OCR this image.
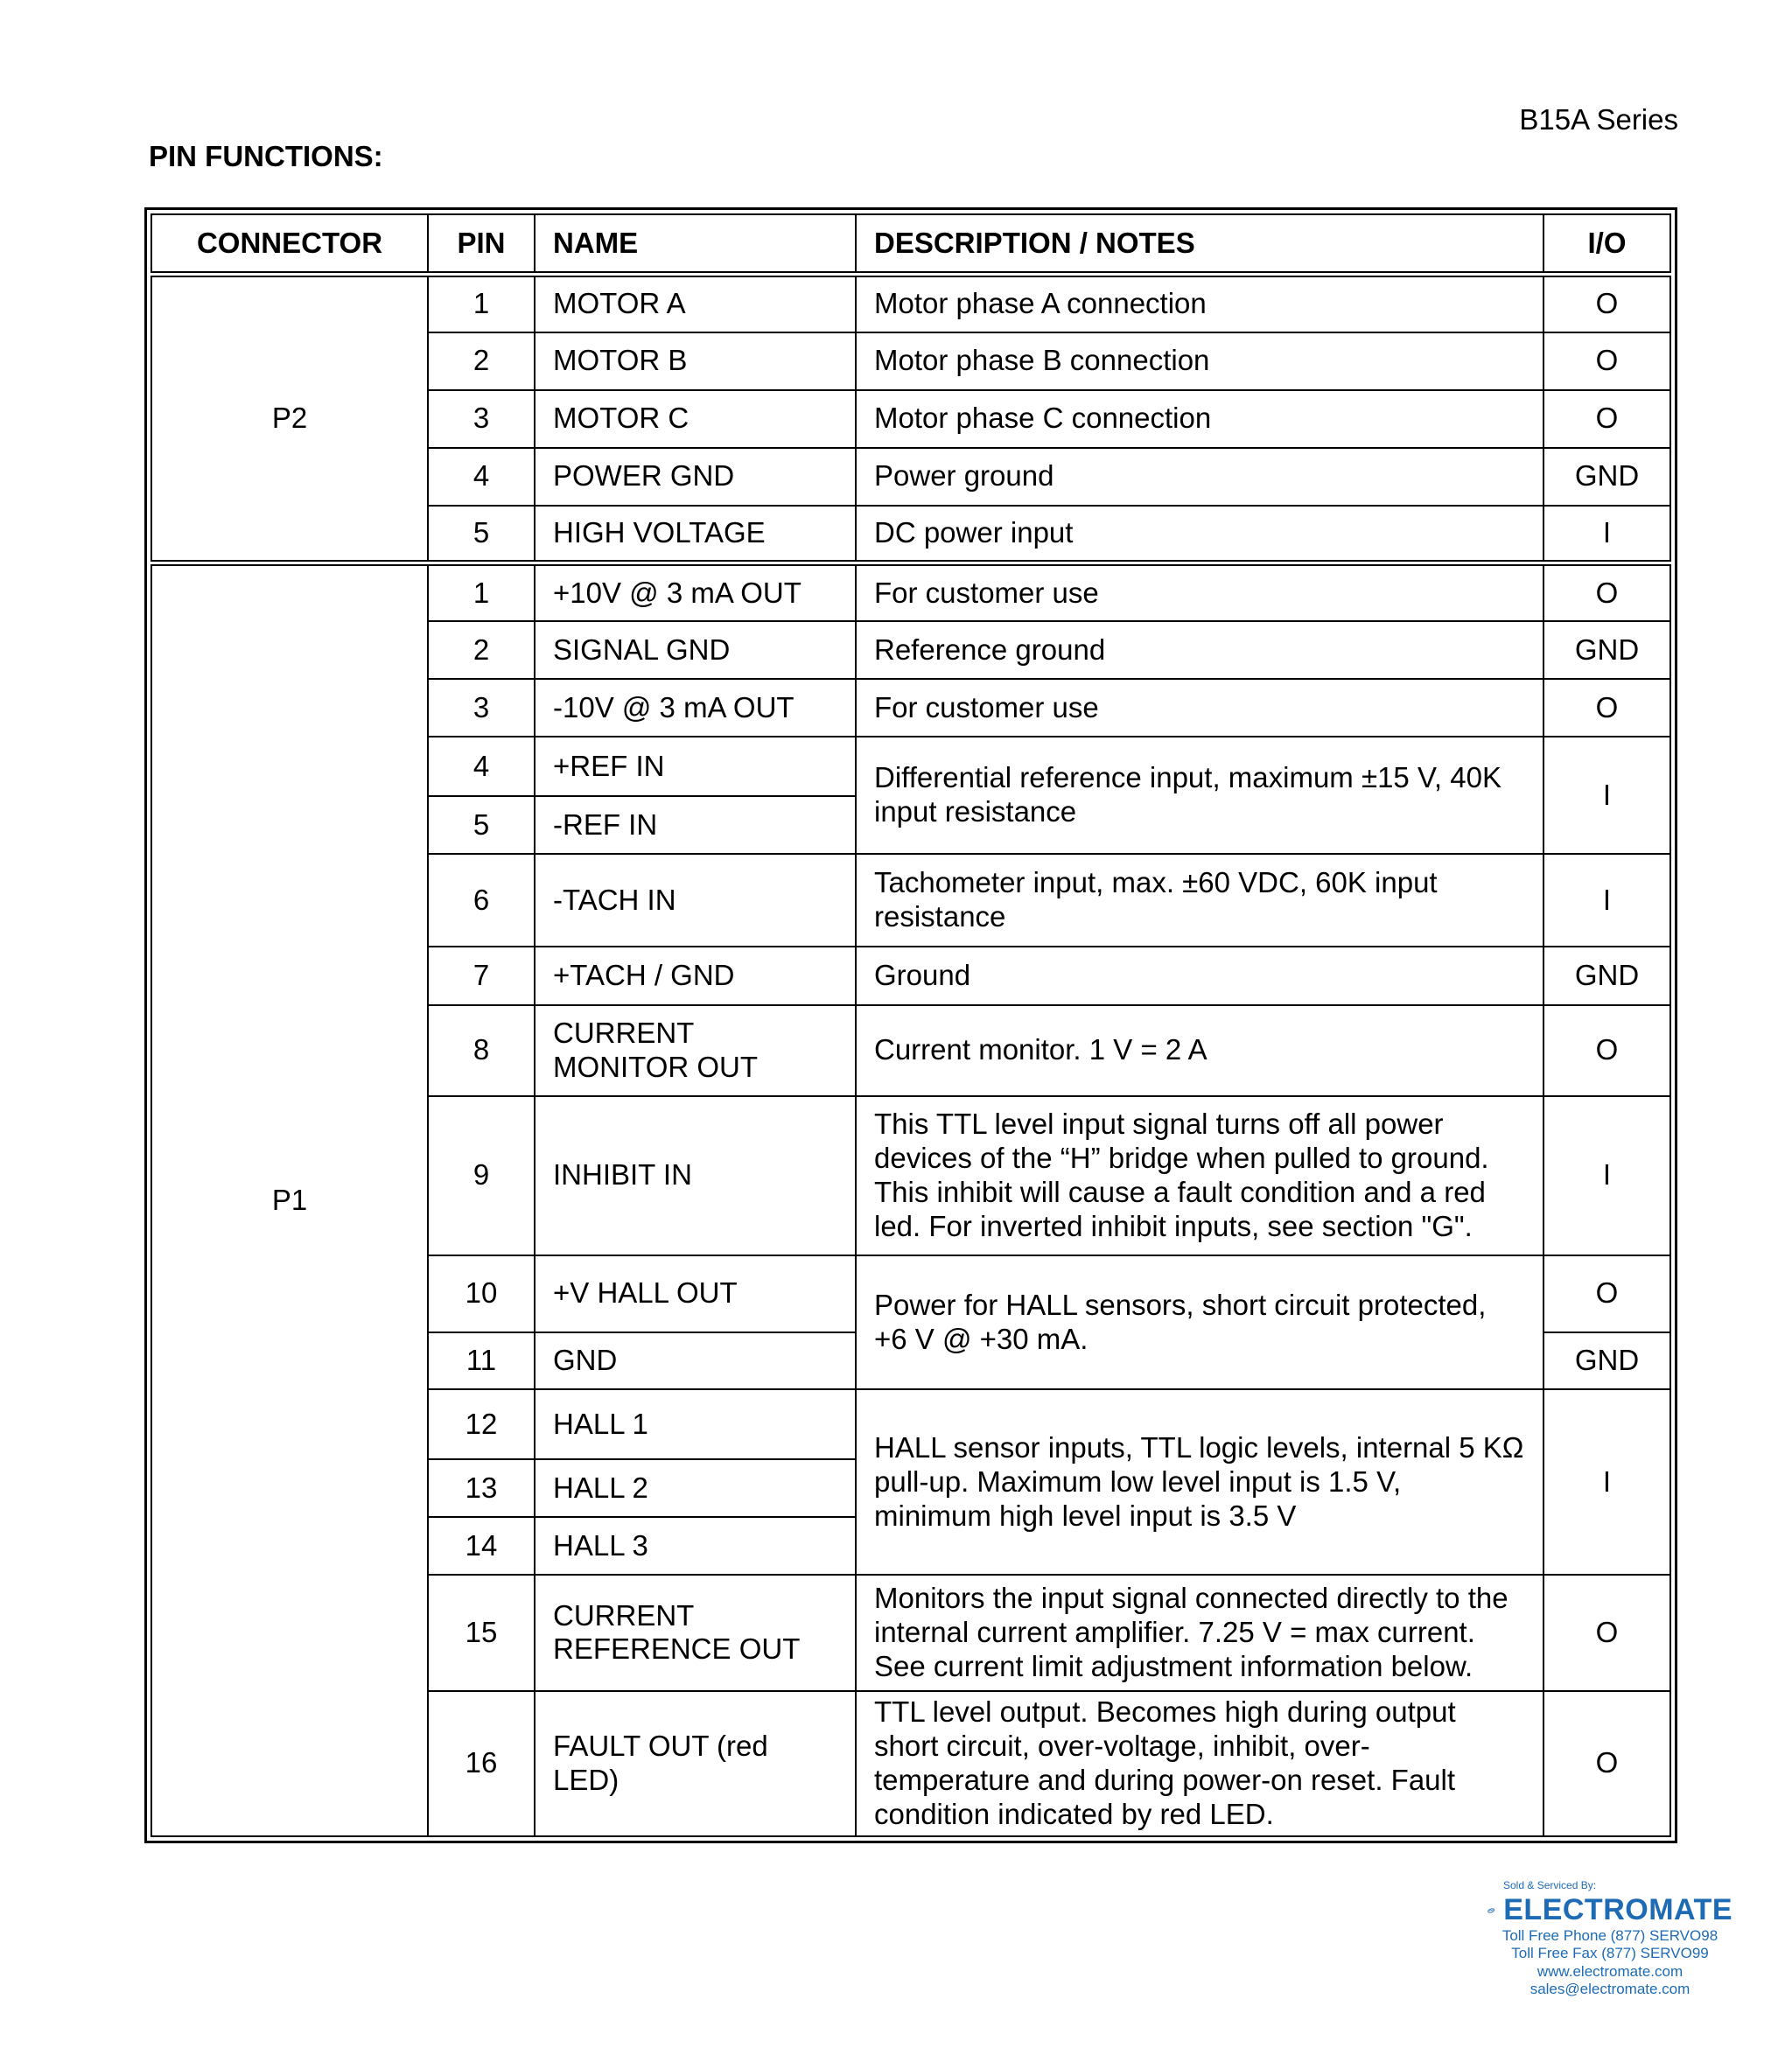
B15A Series
PIN FUNCTIONS:
CONNECTOR	PIN	NAME	DESCRIPTION / NOTES	I/O
P2	1	MOTOR A	Motor phase A connection	O
	2	MOTOR B	Motor phase B connection	O
	3	MOTOR C	Motor phase C connection	O
	4	POWER GND	Power ground	GND
	5	HIGH VOLTAGE	DC power input	I
P1	1	+10V @ 3 mA OUT	For customer use	O
	2	SIGNAL GND	Reference ground	GND
	3	-10V @ 3 mA OUT	For customer use	O
	4	+REF IN	Differential reference input, maximum ±15 V, 40K input resistance	I
	5	-REF IN		
	6	-TACH IN	Tachometer input, max. ±60 VDC, 60K input resistance	I
	7	+TACH / GND	Ground	GND
	8	CURRENT MONITOR OUT	Current monitor. 1 V = 2 A	O
	9	INHIBIT IN	This TTL level input signal turns off all power devices of the “H” bridge when pulled to ground. This inhibit will cause a fault condition and a red led. For inverted inhibit inputs, see section "G".	I
	10	+V HALL OUT	Power for HALL sensors, short circuit protected, +6 V @ +30 mA.	O
	11	GND		GND
	12	HALL 1	HALL sensor inputs, TTL logic levels, internal 5 KΩ pull-up. Maximum low level input is 1.5 V, minimum high level input is 3.5 V	I
	13	HALL 2		
	14	HALL 3		
	15	CURRENT REFERENCE OUT	Monitors the input signal connected directly to the internal current amplifier. 7.25 V = max current. See current limit adjustment information below.	O
	16	FAULT OUT (red LED)	TTL level output. Becomes high during output short circuit, over-voltage, inhibit, over-temperature and during power-on reset. Fault condition indicated by red LED.	O
Sold & Serviced By:
ELECTROMATE
Toll Free Phone (877) SERVO98
Toll Free Fax (877) SERVO99
www.electromate.com
sales@electromate.com
